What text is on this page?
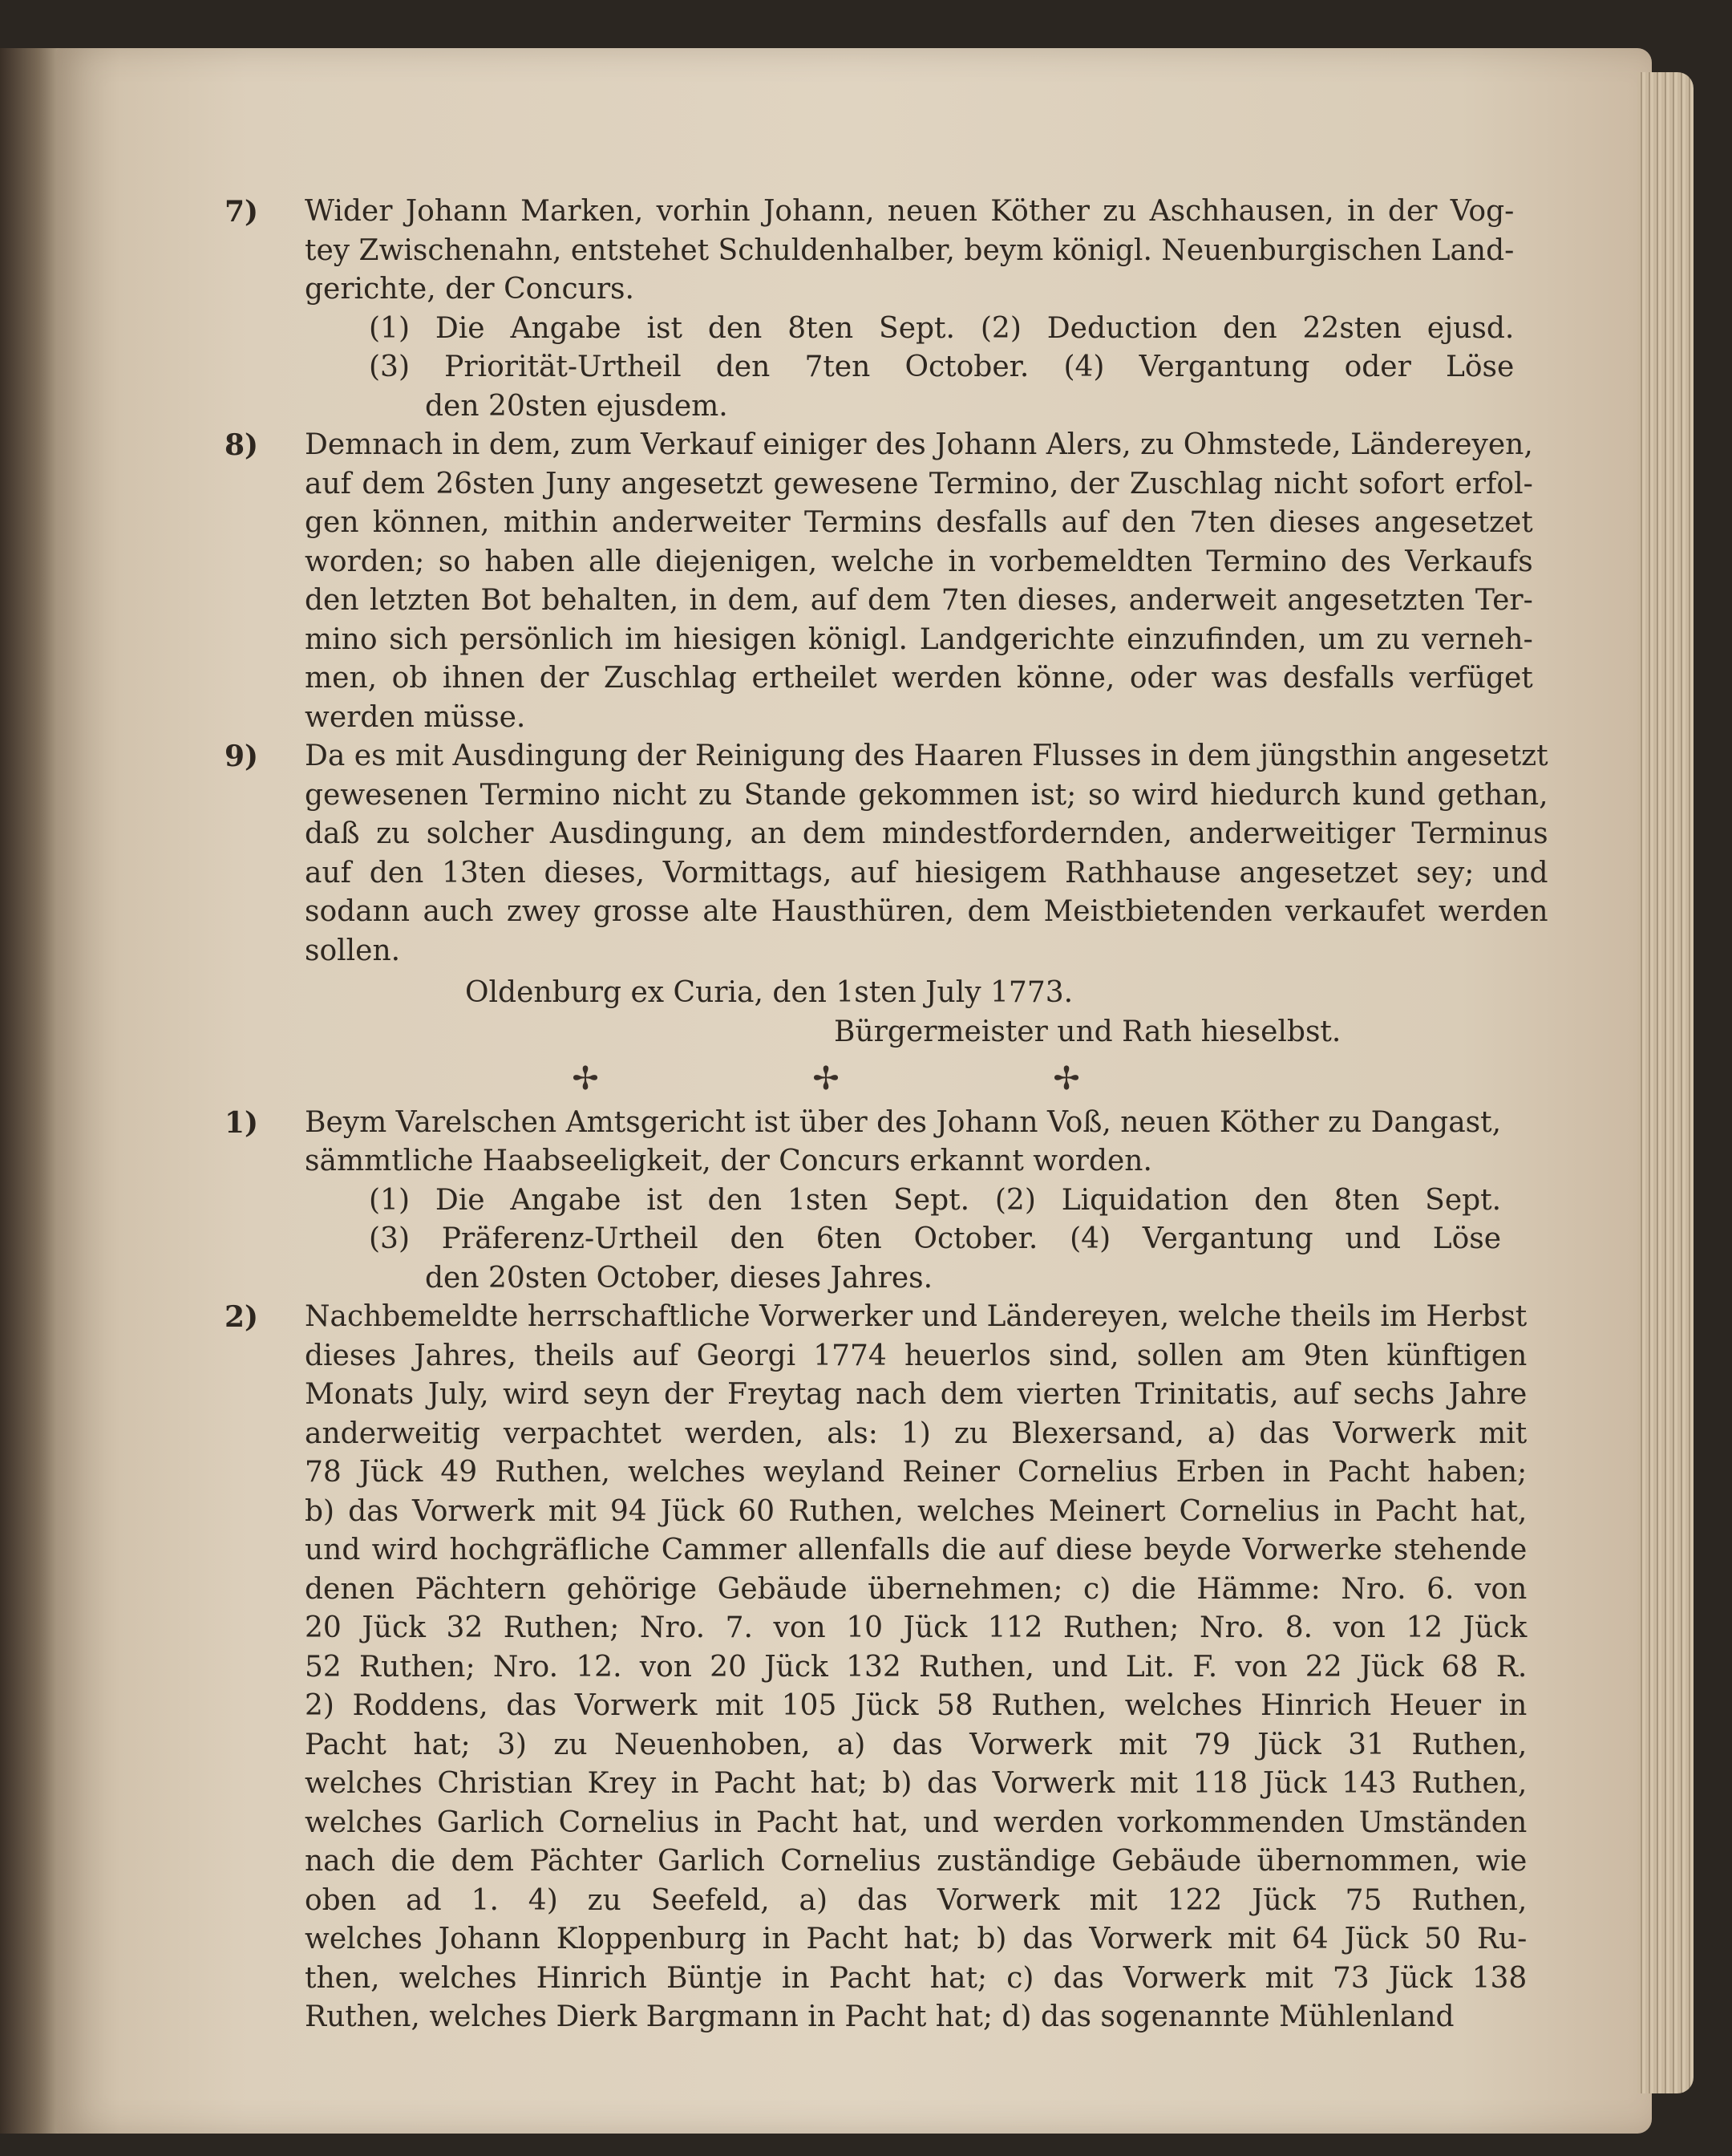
7)	Wider Johann Marken, vorhin Johann, neuen Köther zu Aschhausen, in der Vog-
tey Zwischenahn, entstehet Schuldenhalber, beym königl. Neuenburgischen Land-
gerichte, der Concurs.
(1) Die Angabe ist den 8ten Sept. (2) Deduction den 22sten ejusd.
(3) Priorität-Urtheil den 7ten October. (4) Vergantung oder Löse
den 20sten ejusdem.
8)	Demnach in dem, zum Verkauf einiger des Johann Alers, zu Ohmstede, Ländereyen,
auf dem 26sten Juny angesetzt gewesene Termino, der Zuschlag nicht sofort erfol-
gen können, mithin anderweiter Termins desfalls auf den 7ten dieses angesetzet
worden; so haben alle diejenigen, welche in vorbemeldten Termino des Verkaufs
den letzten Bot behalten, in dem, auf dem 7ten dieses, anderweit angesetzten Ter-
mino sich persönlich im hiesigen königl. Landgerichte einzufinden, um zu verneh-
men, ob ihnen der Zuschlag ertheilet werden könne, oder was desfalls verfüget
werden müsse.
9)	Da es mit Ausdingung der Reinigung des Haaren Flusses in dem jüngsthin angesetzt
gewesenen Termino nicht zu Stande gekommen ist; so wird hiedurch kund gethan,
daß zu solcher Ausdingung, an dem mindestfordernden, anderweitiger Terminus
auf den 13ten dieses, Vormittags, auf hiesigem Rathhause angesetzet sey; und
sodann auch zwey grosse alte Hausthüren, dem Meistbietenden verkaufet werden
sollen.
Oldenburg ex Curia, den 1sten July 1773.
Bürgermeister und Rath hieselbst.
✢	✢	✢
1)	Beym Varelschen Amtsgericht ist über des Johann Voß, neuen Köther zu Dangast,
sämmtliche Haabseeligkeit, der Concurs erkannt worden.
(1) Die Angabe ist den 1sten Sept. (2) Liquidation den 8ten Sept.
(3) Präferenz-Urtheil den 6ten October. (4) Vergantung und Löse
den 20sten October, dieses Jahres.
2)	Nachbemeldte herrschaftliche Vorwerker und Ländereyen, welche theils im Herbst
dieses Jahres, theils auf Georgi 1774 heuerlos sind, sollen am 9ten künftigen
Monats July, wird seyn der Freytag nach dem vierten Trinitatis, auf sechs Jahre
anderweitig verpachtet werden, als: 1) zu Blexersand, a) das Vorwerk mit
78 Jück 49 Ruthen, welches weyland Reiner Cornelius Erben in Pacht haben;
b) das Vorwerk mit 94 Jück 60 Ruthen, welches Meinert Cornelius in Pacht hat,
und wird hochgräfliche Cammer allenfalls die auf diese beyde Vorwerke stehende
denen Pächtern gehörige Gebäude übernehmen; c) die Hämme: Nro. 6. von
20 Jück 32 Ruthen; Nro. 7. von 10 Jück 112 Ruthen; Nro. 8. von 12 Jück
52 Ruthen; Nro. 12. von 20 Jück 132 Ruthen, und Lit. F. von 22 Jück 68 R.
2) Roddens, das Vorwerk mit 105 Jück 58 Ruthen, welches Hinrich Heuer in
Pacht hat; 3) zu Neuenhoben, a) das Vorwerk mit 79 Jück 31 Ruthen,
welches Christian Krey in Pacht hat; b) das Vorwerk mit 118 Jück 143 Ruthen,
welches Garlich Cornelius in Pacht hat, und werden vorkommenden Umständen
nach die dem Pächter Garlich Cornelius zuständige Gebäude übernommen, wie
oben ad 1. 4) zu Seefeld, a) das Vorwerk mit 122 Jück 75 Ruthen,
welches Johann Kloppenburg in Pacht hat; b) das Vorwerk mit 64 Jück 50 Ru-
then, welches Hinrich Büntje in Pacht hat; c) das Vorwerk mit 73 Jück 138
Ruthen, welches Dierk Bargmann in Pacht hat; d) das sogenannte Mühlenland
